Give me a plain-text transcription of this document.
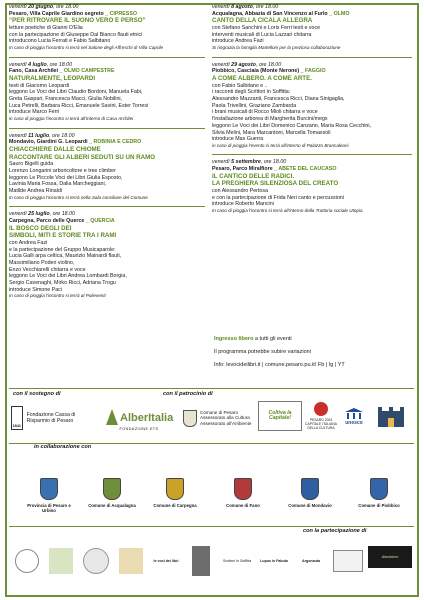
venerdì 20 giugno, ore 18.00
Pesaro, Villa Caprile Giardino segreto _ CIPRESSO
“PER RITROVARE IL SUONO VERO E PERSO”
letture poetiche di Gianni D'Elia
con la partecipazione di Giuseppe Dal Bianco flauti etnici
introducono Lucia Ferrati e Fabio Salbitano
In caso di pioggia l'incontro si terrà nel Salone degli Affreschi di Villa Caprile
venerdì 4 luglio, ore 18.00
Fano, Casa Archilei _ OLMO CAMPESTRE
NATURALMENTE, LEOPARDI
testi di Giacomo Leopardi
leggono Le Voci dei Libri Claudio Bordoni, Manuela Fabi,
Greta Gaspari, Francesca Macci, Giulia Nobilini,
Luca Petrelli, Barbara Ricci, Emanuele Savini, Ester Torresi
introduce Marco Ferri
in caso di pioggia l'incontro si terrà all'interno di Casa Archilei
venerdì 11 luglio, ore 18.00
Mondavio, Giardini G. Leopardi _ ROBINIA E CEDRO
CHIACCHIERE DALLE CHIOME
RACCONTARE GLI ALBERI SEDUTI SU UN RAMO
Sauro Bigelli guida
Lorenzo Longarini arboricoltore e tree climber
leggono Le Piccole Voci dei Libri Giulia Esposto,
Lavinia Maria Fossa, Dalia Marcheggiani,
Matilde Andrea Rinaldi
In caso di pioggia l'incontro si terrà nella Sala consiliare del Comune
venerdì 25 luglio, ore 18.00
Carpegna, Parco delle Querce _ QUERCIA
IL BOSCO DEGLI DEI
SIMBOLI, MITI E STORIE TRA I RAMI
con Andrea Fazi
e la partecipazione del Gruppo Musicaparole:
Lucia Galli arpa celtica, Maurizio Mainardi flauti,
Massimiliano Poderi violino,
Enzo Vecchiarelli chitarra e voce
leggono Le Voci dei Libri Andrea Lombardi Borgia,
Sergio Cavenaghi, Mirko Ricci, Adriana Trogu
introduce Simone Paci
In caso di pioggia l'incontro si terrà al Polieventi
venerdì 8 agosto, ore 18.00
Acqualagna, Abbazia di San Vincenzo al Furlo _ OLMO
CANTO DELLA CICALA ALLEGRA
con Stefano Sanchini e Loris Ferri testi e voce
interventi musicali di Lucia Lazzari chitarra
introduce Andrea Fazi
Si ringrazia la famiglia Martelloni per la preziosa collaborazione
venerdì 29 agosto, ore 18.00
Piobbico, Casciaia (Monte Nerone) _ FAGGIO
A COME ALBERO. A COME ARTE.
con Fabio Salbitano e ..
i racconti degli Scrittori in Soffitta:
Alessandro Mazzanti, Francesca Ricci, Diana Sinigaglia,
Paola Trivellini, Graziano Zambarda
i brani musicali di Rocco Mioli chitarra e voce
l'installazione arborea di Margherita Burcini/megx
leggono Le Voci dei Libri Domenico Canzano, Maria Rosa Cecchini,
Silvia Melini, Mara Marcantoni, Marcella Tomassoli
introduce Max Guerra
in caso di pioggia l'evento si terrà all'interno di Palazzo Brancaleoni
venerdì 5 settembre, ore 18.00
Pesaro, Parco Miralfiore _ ABETE DEL CAUCASO
IL CANTICO DELLE RADICI.
LA PREGHIERA SILENZIOSA DEL CREATO
con Alessandro Pertosa
e con la partecipazione di Frida Neri canto e percussioni
introduce Roberto Mancini
In caso di pioggia l'incontro si terrà all'interno della Trattoria sociale Utopia
Ingresso libero a tutti gli eventi
Il programma potrebbe subire variazioni
Info: levocideilibri.it | comune.pesaro.pu.it/ Fb | Ig | YT
con il sostegno di	con il patrocinio di
1841
Fondazione Cassa di Risparmio di Pesaro	AlberItalia
FONDAZIONE ETS
Comune di Pesaro Assessorato alla Cultura Assessorato all'Ambiente
Coltiva la Capitale!	PESARO 2024 CAPITALE ITALIANA DELLA CULTURA
unesco
in collaborazione con
Provincia di Pesaro e Urbino
Comune di Acqualagna	Comune di Carpegna	Comune di Fano	Comune di Mondavio	Comune di Piobbico
con la partecipazione di
le voci dei libri	Scrittori in Soffitta	Lupus in Fabula	Argonauta
Alambicco
